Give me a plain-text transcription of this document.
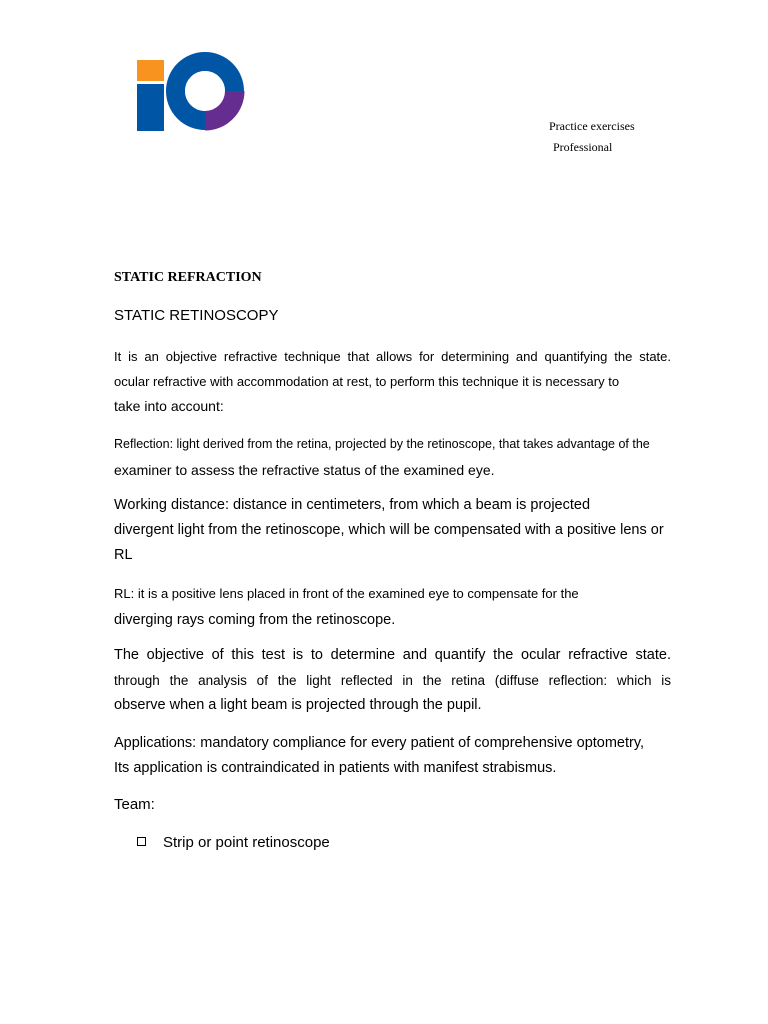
Practice exercises
Professional
STATIC REFRACTION
STATIC RETINOSCOPY
It is an objective refractive technique that allows for determining and quantifying the state.
ocular refractive with accommodation at rest, to perform this technique it is necessary to
take into account:
Reflection: light derived from the retina, projected by the retinoscope, that takes advantage of the
examiner to assess the refractive status of the examined eye.
Working distance: distance in centimeters, from which a beam is projected
divergent light from the retinoscope, which will be compensated with a positive lens or
RL
RL: it is a positive lens placed in front of the examined eye to compensate for the
diverging rays coming from the retinoscope.
The objective of this test is to determine and quantify the ocular refractive state.
through the analysis of the light reflected in the retina (diffuse reflection: which is
observe when a light beam is projected through the pupil.
Applications: mandatory compliance for every patient of comprehensive optometry,
Its application is contraindicated in patients with manifest strabismus.
Team:
Strip or point retinoscope
